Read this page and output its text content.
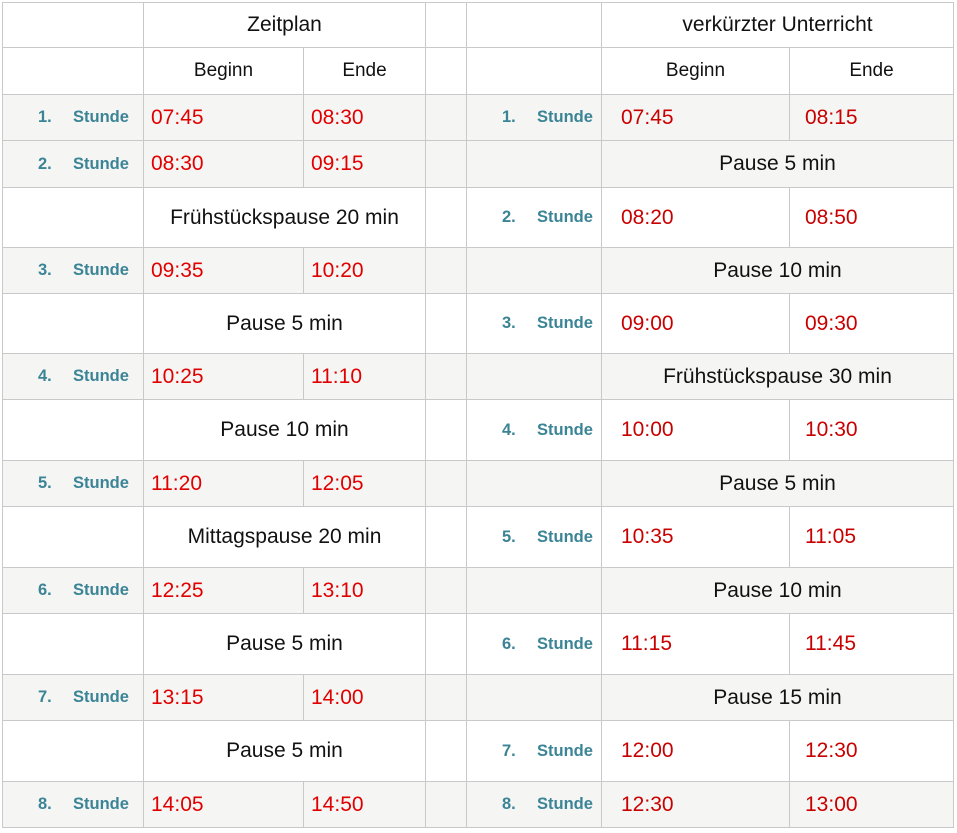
Zeitplan	verkürzter Unterricht
Beginn	Ende	Beginn	Ende
1.	Stunde	07:45	08:30	1.	Stunde	07:45	08:15
2.	Stunde	08:30	09:15	Pause 5 min
Frühstückspause 20 min	2.	Stunde	08:20	08:50
3.	Stunde	09:35	10:20	Pause 10 min
Pause 5 min	3.	Stunde	09:00	09:30
4.	Stunde	10:25	11:10	Frühstückspause 30 min
Pause 10 min	4.	Stunde	10:00	10:30
5.	Stunde	11:20	12:05	Pause 5 min
Mittagspause 20 min	5.	Stunde	10:35	11:05
6.	Stunde	12:25	13:10	Pause 10 min
Pause 5 min	6.	Stunde	11:15	11:45
7.	Stunde	13:15	14:00	Pause 15 min
Pause 5 min	7.	Stunde	12:00	12:30
8.	Stunde	14:05	14:50	8.	Stunde	12:30	13:00
